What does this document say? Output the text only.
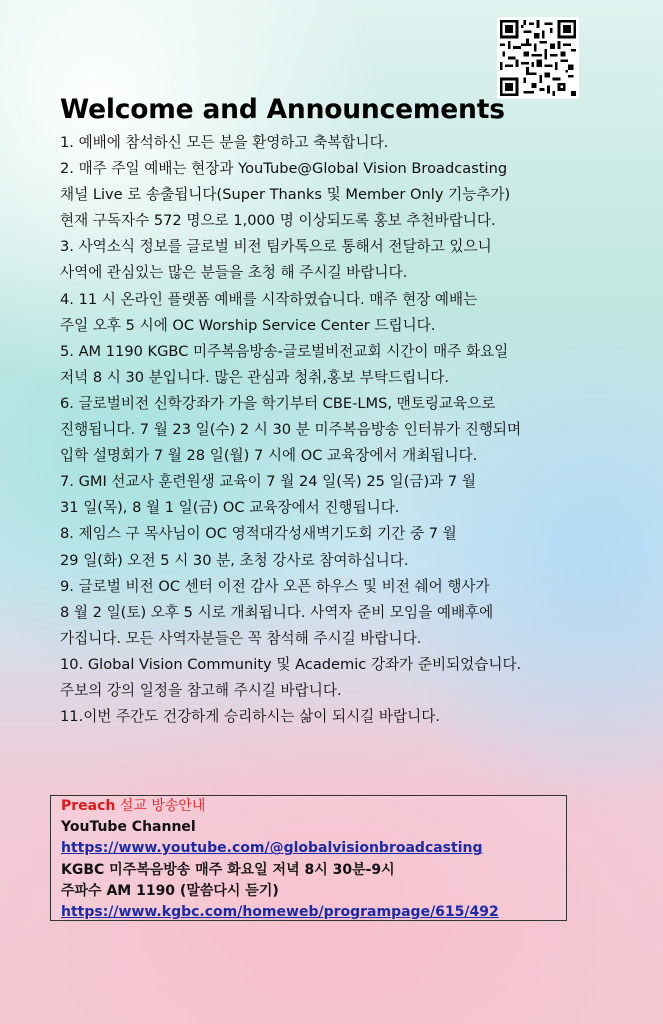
Welcome and Announcements
1. 예배에 참석하신 모든 분을 환영하고 축복합니다.
2. 매주 주일 예배는 현장과 YouTube@Global Vision Broadcasting
채널 Live 로 송출됩니다(Super Thanks 및 Member Only 기능추가)
현재 구독자수 572 명으로 1,000 명 이상되도록 홍보 추천바랍니다.
3. 사역소식 정보를 글로벌 비전 팀카톡으로 통해서 전달하고 있으니
사역에 관심있는 많은 분들을 초청 해 주시길 바랍니다.
4. 11 시 온라인 플랫폼 예배를 시작하였습니다. 매주 현장 예배는
주일 오후 5 시에 OC Worship Service Center 드립니다.
5. AM 1190 KGBC 미주복음방송-글로벌비전교회 시간이 매주 화요일
저녁 8 시 30 분입니다. 많은 관심과 청취,홍보 부탁드립니다.
6. 글로벌비전 신학강좌가 가을 학기부터 CBE-LMS, 맨토링교육으로
진행됩니다. 7 월 23 일(수) 2 시 30 분 미주복음방송 인터뷰가 진행되며
입학 설명회가 7 월 28 일(월) 7 시에 OC 교육장에서 개최됩니다.
7. GMI 선교사 훈련원생 교육이 7 월 24 일(목) 25 일(금)과 7 월
31 일(목), 8 월 1 일(금) OC 교육장에서 진행됩니다.
8. 제임스 구 목사님이 OC 영적대각성새벽기도회 기간 중 7 월
29 일(화) 오전 5 시 30 분, 초청 강사로 참여하십니다.
9. 글로벌 비전 OC 센터 이전 감사 오픈 하우스 및 비전 쉐어 행사가
8 월 2 일(토) 오후 5 시로 개최됩니다. 사역자 준비 모임을 예배후에
가집니다. 모든 사역자분들은 꼭 참석해 주시길 바랍니다.
10. Global Vision Community 및 Academic 강좌가 준비되었습니다.
주보의 강의 일정을 참고해 주시길 바랍니다.
11.이번 주간도 건강하게 승리하시는 삶이 되시길 바랍니다.
Preach 설교 방송안내
YouTube Channel
https://www.youtube.com/@globalvisionbroadcasting
KGBC 미주복음방송 매주 화요일 저녁 8시 30분-9시
주파수 AM 1190 (말씀다시 듣기)
https://www.kgbc.com/homeweb/programpage/615/492
